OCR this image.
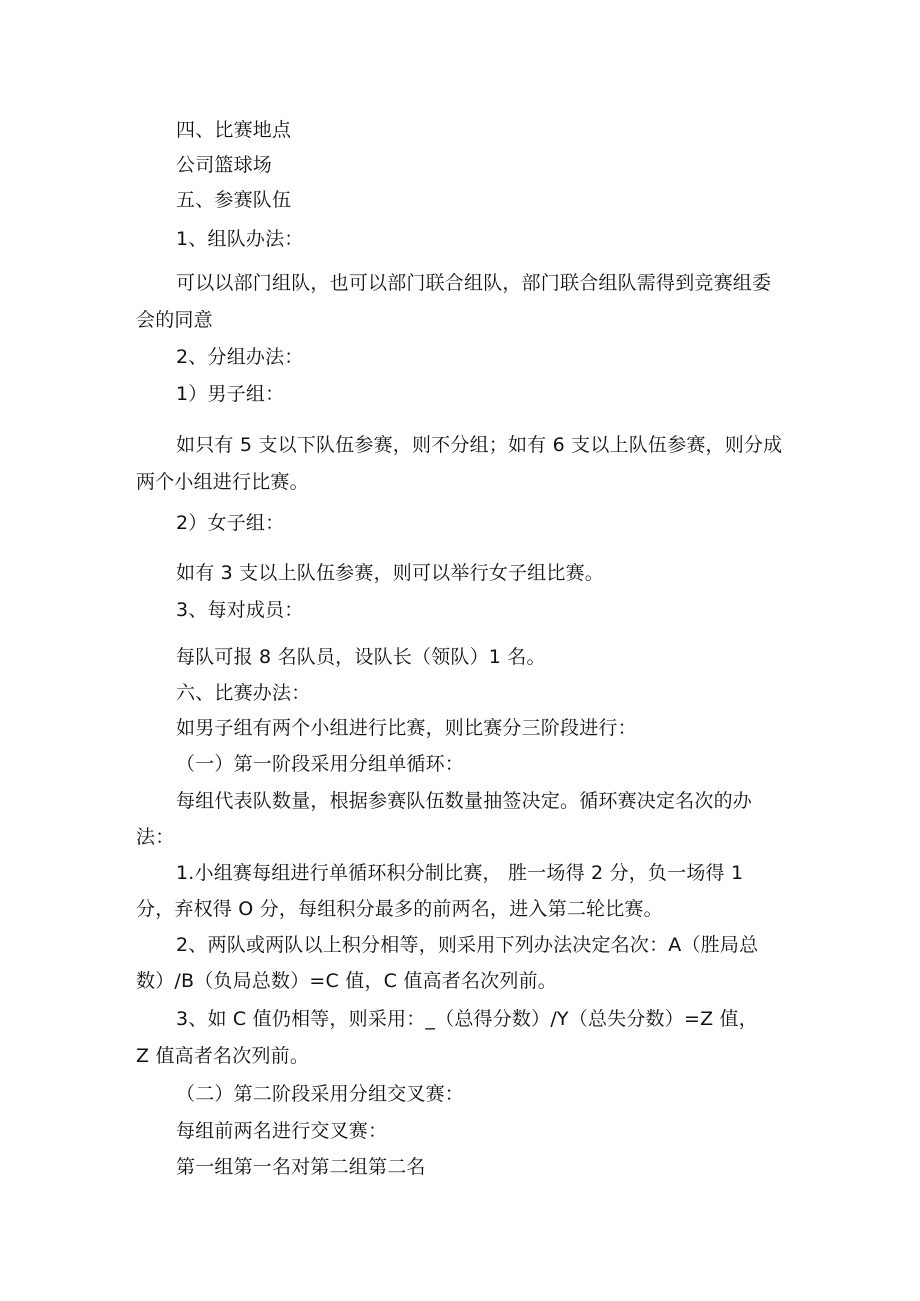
四、比赛地点
公司篮球场
五、参赛队伍
1、组队办法：
可以以部门组队，也可以部门联合组队，部门联合组队需得到竞赛组委
会的同意
2、分组办法：
1）男子组：
如只有 5 支以下队伍参赛，则不分组；如有 6 支以上队伍参赛，则分成
两个小组进行比赛。
2）女子组：
如有 3 支以上队伍参赛，则可以举行女子组比赛。
3、每对成员：
每队可报 8 名队员，设队长（领队）1 名。
六、比赛办法：
如男子组有两个小组进行比赛，则比赛分三阶段进行：
（一）第一阶段采用分组单循环：
每组代表队数量，根据参赛队伍数量抽签决定。循环赛决定名次的办
法：
1.小组赛每组进行单循环积分制比赛， 胜一场得 2 分，负一场得 1
分，弃权得 O 分，每组积分最多的前两名，进入第二轮比赛。
2、两队或两队以上积分相等，则采用下列办法决定名次：A（胜局总
数）/B（负局总数）=C 值，C 值高者名次列前。
3、如 C 值仍相等，则采用：_（总得分数）/Y（总失分数）=Z 值，
Z 值高者名次列前。
（二）第二阶段采用分组交叉赛：
每组前两名进行交叉赛：
第一组第一名对第二组第二名
